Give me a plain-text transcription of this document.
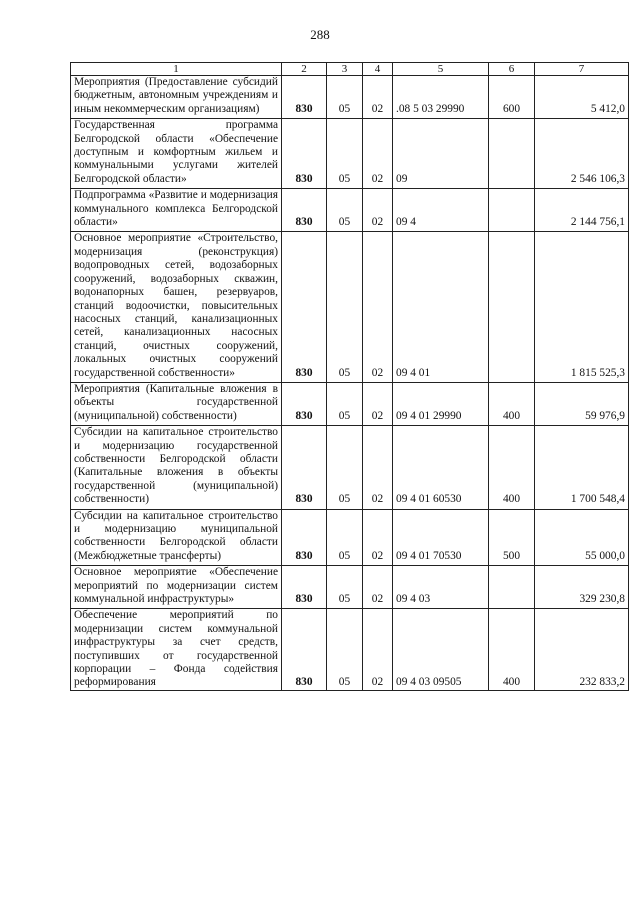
288
1	2	3	4	5	6	7
Мероприятия (Предоставление субсидий бюджетным, автономным учреждениям и иным некоммерческим организациям)	830	05	02	.08 5 03 29990	600	5 412,0
Государственная программа Белгородской области «Обеспечение доступным и комфортным жильем и коммунальными услугами жителей Белгородской области»	830	05	02	09		2 546 106,3
Подпрограмма «Развитие и модернизация коммунального комплекса Белгородской области»	830	05	02	09 4		2 144 756,1
Основное мероприятие «Строительство, модернизация (реконструкция) водопроводных сетей, водозаборных сооружений, водозаборных скважин, водонапорных башен, резервуаров, станций водоочистки, повысительных насосных станций, канализационных сетей, канализационных насосных станций, очистных сооружений, локальных очистных сооружений государственной собственности»	830	05	02	09 4 01		1 815 525,3
Мероприятия (Капитальные вложения в объекты государственной (муниципальной) собственности)	830	05	02	09 4 01 29990	400	59 976,9
Субсидии на капитальное строительство и модернизацию государственной собственности Белгородской области (Капитальные вложения в объекты государственной (муниципальной) собственности)	830	05	02	09 4 01 60530	400	1 700 548,4
Субсидии на капитальное строительство и модернизацию муниципальной собственности Белгородской области (Межбюджетные трансферты)	830	05	02	09 4 01 70530	500	55 000,0
Основное мероприятие «Обеспечение мероприятий по модернизации систем коммунальной инфраструктуры»	830	05	02	09 4 03		329 230,8
Обеспечение мероприятий по модернизации систем коммунальной инфраструктуры за счет средств, поступивших от государственной корпорации – Фонда содействия реформирования	830	05	02	09 4 03 09505	400	232 833,2
